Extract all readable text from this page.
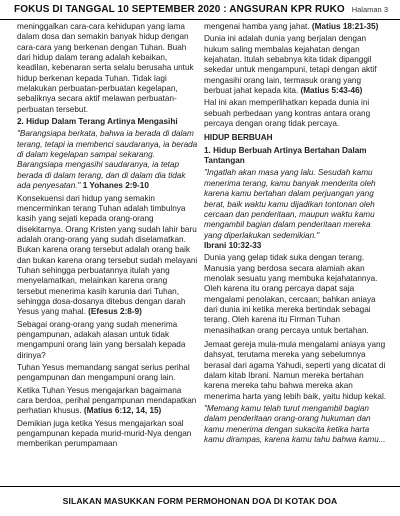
FOKUS DI TANGGAL 10 SEPTEMBER 2020 : ANGSURAN KPR RUKO Halaman 3

meninggalkan cara-cara kehidupan yang lama dalam dosa dan semakin banyak hidup dengan cara-cara yang berkenan dengan Tuhan. Buah dari hidup dalam terang adalah kebaikan, keadilan, kebenaran serta selalu berusaha untuk hidup berkenan kepada Tuhan. Tidak lagi melakukan perbuatan-perbuatan kegelapan, sebaliknya secara aktif melawan perbuatan-perbuatan tersebut.

2. Hidup Dalam Terang Artinya Mengasihi

"Barangsiapa berkata, bahwa ia berada di dalam terang, tetapi ia membenci saudaranya, ia berada di dalam kegelapan sampai sekarang. Barangsiapa mengasihi saudaranya, ia tetap berada di dalam terang, dan di dalam dia tidak ada penyesatan." 1 Yohanes 2:9-10

Konsekuensi dari hidup yang semakin mencerminkan terang Tuhan adalah timbulnya kasih yang sejati kepada orang-orang disekitarnya. Orang Kristen yang sudah lahir baru adalah orang-orang yang sudah diselamatkan. Bukan karena orang tersebut adalah orang baik dan bukan karena orang tersebut sudah melayani Tuhan sehingga perbuatannya itulah yang menyelamatkan, melainkan karena orang tersebut menerima kasih karunia dari Tuhan, sehingga dosa-dosanya ditebus dengan darah Yesus yang mahal. (Efesus 2:8-9)

Sebagai orang-orang yang sudah menerima pengampunan, adakah alasan untuk tidak mengampuni orang lain yang bersalah kepada dirinya?

Tuhan Yesus memandang sangat serius perihal pengampunan dan mengampuni orang lain.

Ketika Tuhan Yesus mengajarkan bagaimana cara berdoa, perihal pengampunan mendapatkan perhatian khusus. (Matius 6:12, 14, 15)

Demikian juga ketika Yesus mengajarkan soal pengampunan kepada murid-murid-Nya dengan memberikan perumpamaan

mengenai hamba yang jahat. (Matius 18:21-35)

Dunia ini adalah dunia yang berjalan dengan hukum saling membalas kejahatan dengan kejahatan. Itulah sebabnya kita tidak dipanggil sekedar untuk mengampuni, tetapi dengan aktif mengasihi orang lain, termasuk orang yang berbuat jahat kepada kita. (Matius 5:43-46)

Hal ini akan memperlihatkan kepada dunia ini sebuah perbedaan yang kontras antara orang percaya dengan orang tidak percaya.

HIDUP BERBUAH

1. Hidup Berbuah Artinya Bertahan Dalam Tantangan

"Ingatlah akan masa yang lalu. Sesudah kamu menerima terang, kamu banyak menderita oleh karena kamu bertahan dalam perjuangan yang berat, baik waktu kamu dijadikan tontonan oleh cercaan dan penderitaan, maupun waktu kamu mengambil bagian dalam penderitaan mereka yang diperlakukan sedemikian."
Ibrani 10:32-33

Dunia yang gelap tidak suka dengan terang. Manusia yang berdosa secara alamiah akan menolak sesuatu yang membuka kejahatannya. Oleh karena itu orang percaya dapat saja mengalami penolakan, cercaan; bahkan aniaya dari dunia ini ketika mereka bertindak sebagai terang. Oleh karena itu Firman Tuhan menasihatkan orang percaya untuk bertahan.

Jemaat gereja mula-mula mengalami aniaya yang dahsyat, terutama mereka yang sebelumnya berasal dari agama Yahudi, seperti yang dicatat di dalam kitab Ibrani. Namun mereka bertahan karena mereka tahu bahwa mereka akan menerima harta yang lebih baik, yaitu hidup kekal.

"Memang kamu telah turut mengambil bagian dalam penderitaan orang-orang hukuman dan kamu menerima dengan sukacita ketika harta kamu dirampas, karena kamu tahu bahwa kamu...

SILAKAN MASUKKAN FORM PERMOHONAN DOA DI KOTAK DOA
